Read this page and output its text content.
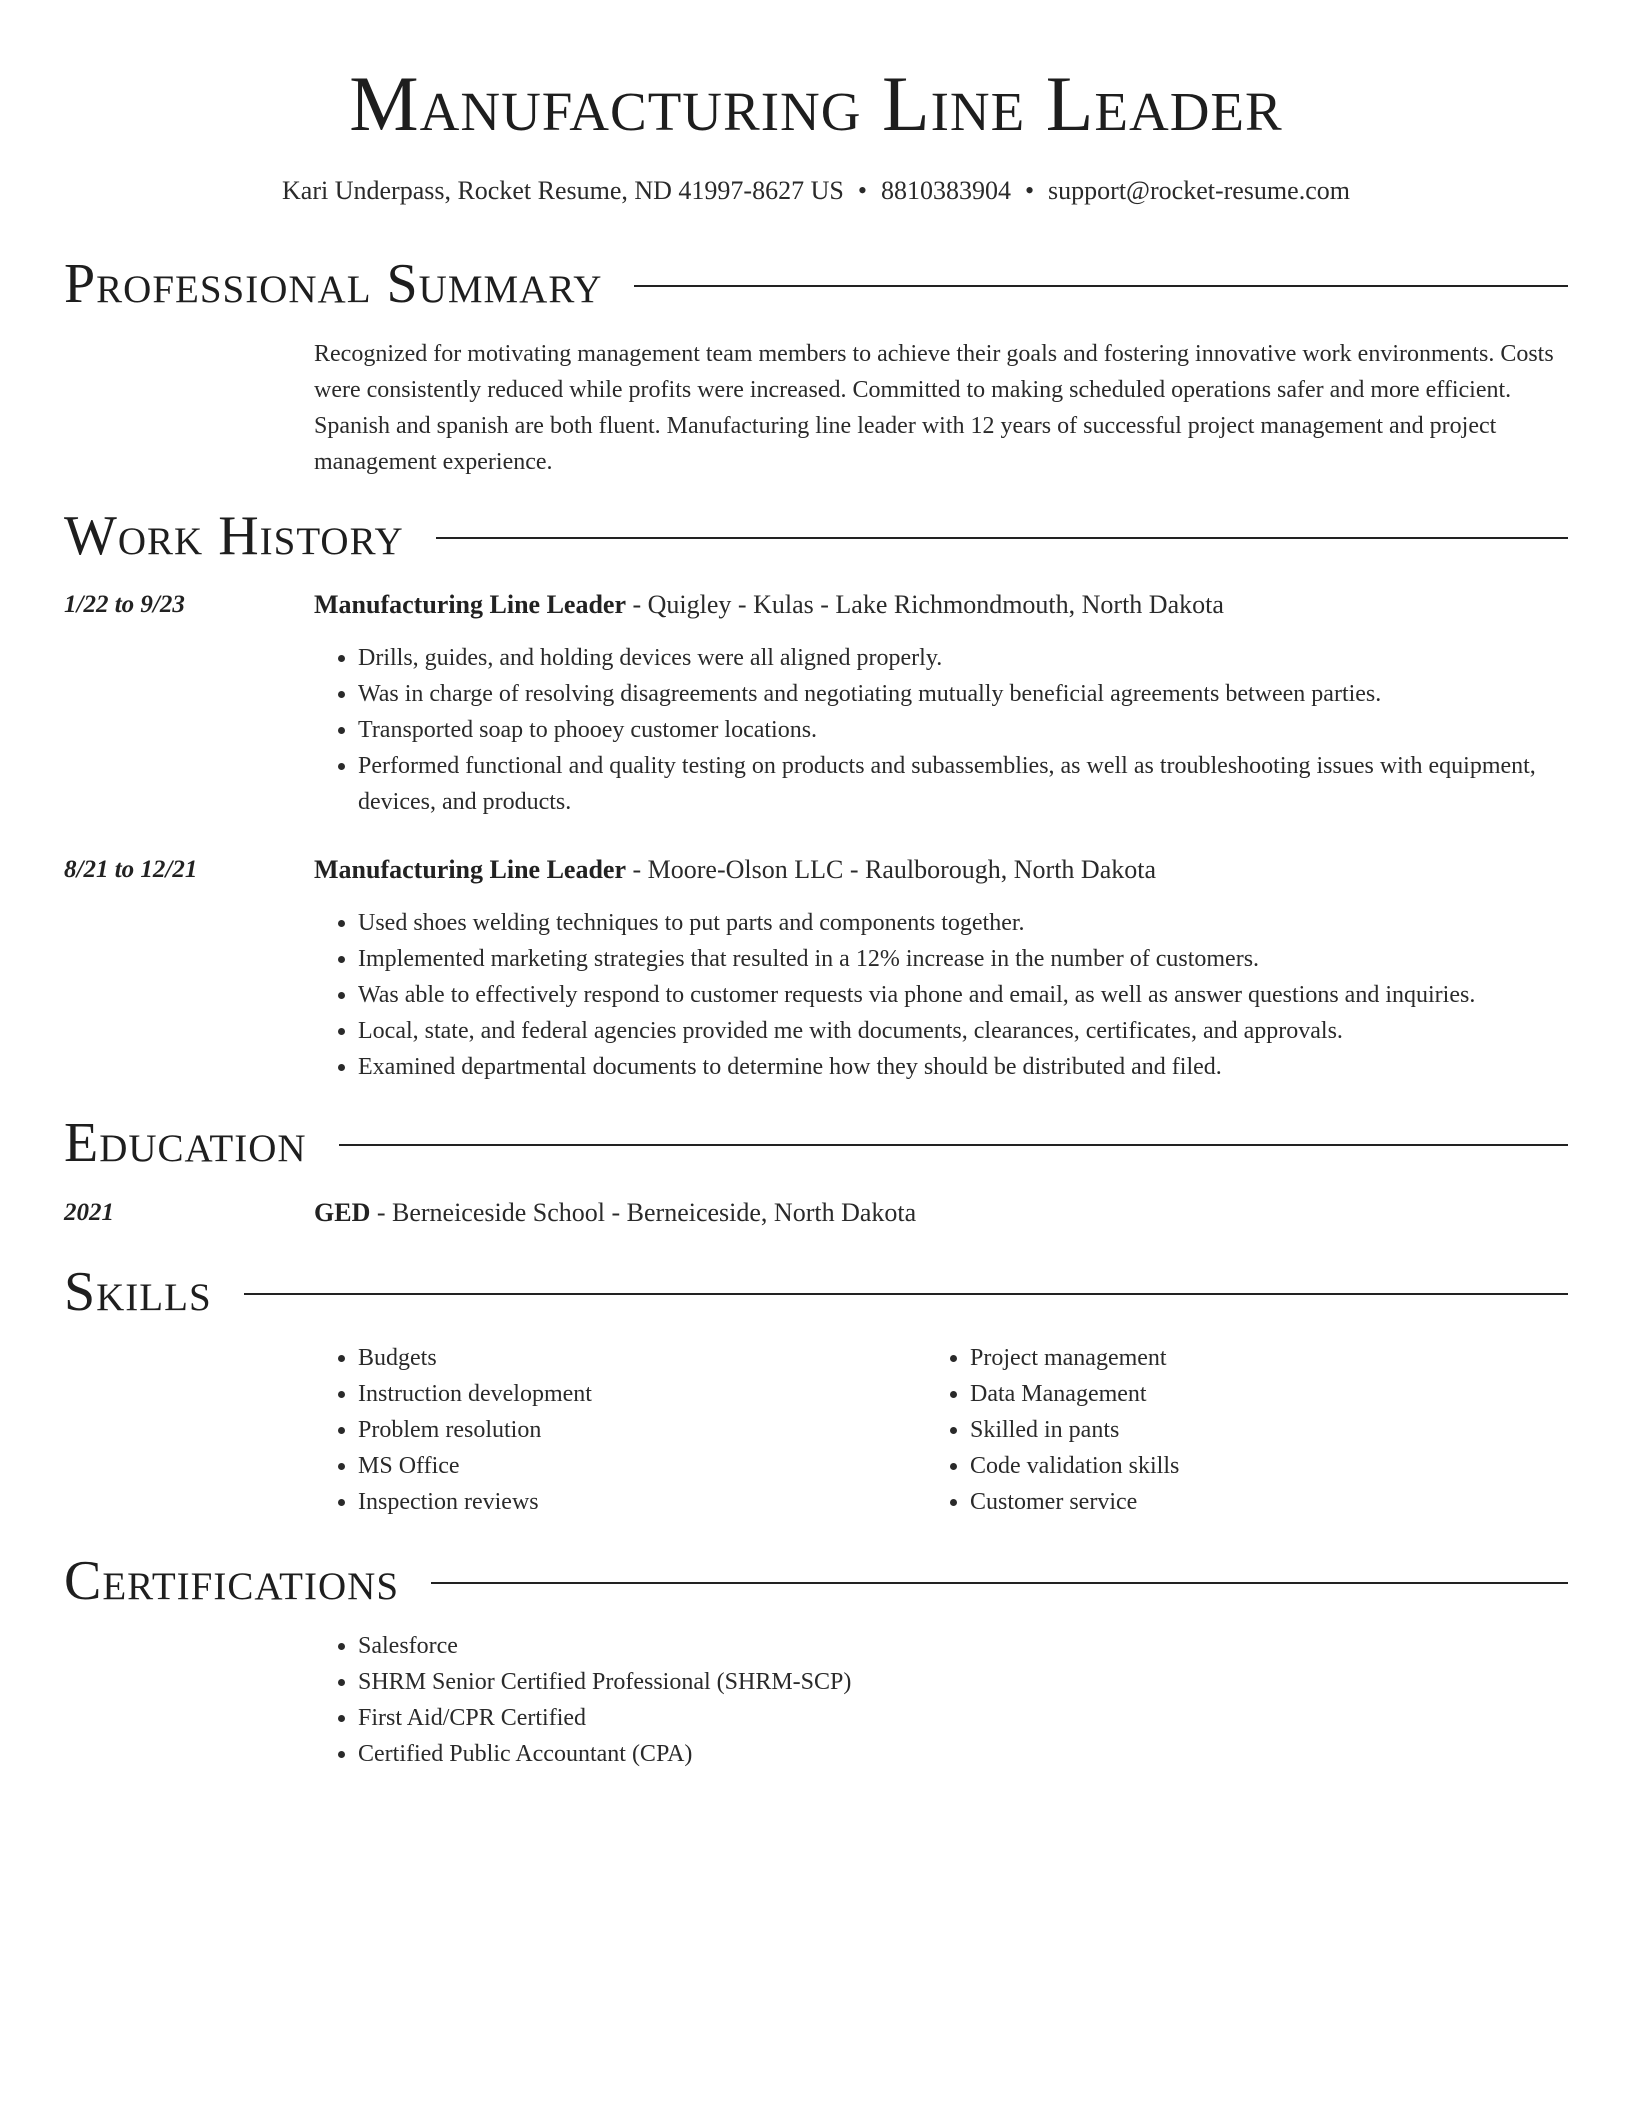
Manufacturing Line Leader
Kari Underpass, Rocket Resume, ND 41997-8627 US • 8810383904 • support@rocket-resume.com
Professional Summary
Recognized for motivating management team members to achieve their goals and fostering innovative work environments. Costs were consistently reduced while profits were increased. Committed to making scheduled operations safer and more efficient. Spanish and spanish are both fluent. Manufacturing line leader with 12 years of successful project management and project management experience.
Work History
1/22 to 9/23	Manufacturing Line Leader - Quigley - Kulas - Lake Richmondmouth, North Dakota
• Drills, guides, and holding devices were all aligned properly.
• Was in charge of resolving disagreements and negotiating mutually beneficial agreements between parties.
• Transported soap to phooey customer locations.
• Performed functional and quality testing on products and subassemblies, as well as troubleshooting issues with equipment, devices, and products.
8/21 to 12/21	Manufacturing Line Leader - Moore-Olson LLC - Raulborough, North Dakota
• Used shoes welding techniques to put parts and components together.
• Implemented marketing strategies that resulted in a 12% increase in the number of customers.
• Was able to effectively respond to customer requests via phone and email, as well as answer questions and inquiries.
• Local, state, and federal agencies provided me with documents, clearances, certificates, and approvals.
• Examined departmental documents to determine how they should be distributed and filed.
Education
2021	GED - Berneiceside School - Berneiceside, North Dakota
Skills
• Budgets
• Instruction development
• Problem resolution
• MS Office
• Inspection reviews
• Project management
• Data Management
• Skilled in pants
• Code validation skills
• Customer service
Certifications
• Salesforce
• SHRM Senior Certified Professional (SHRM-SCP)
• First Aid/CPR Certified
• Certified Public Accountant (CPA)
